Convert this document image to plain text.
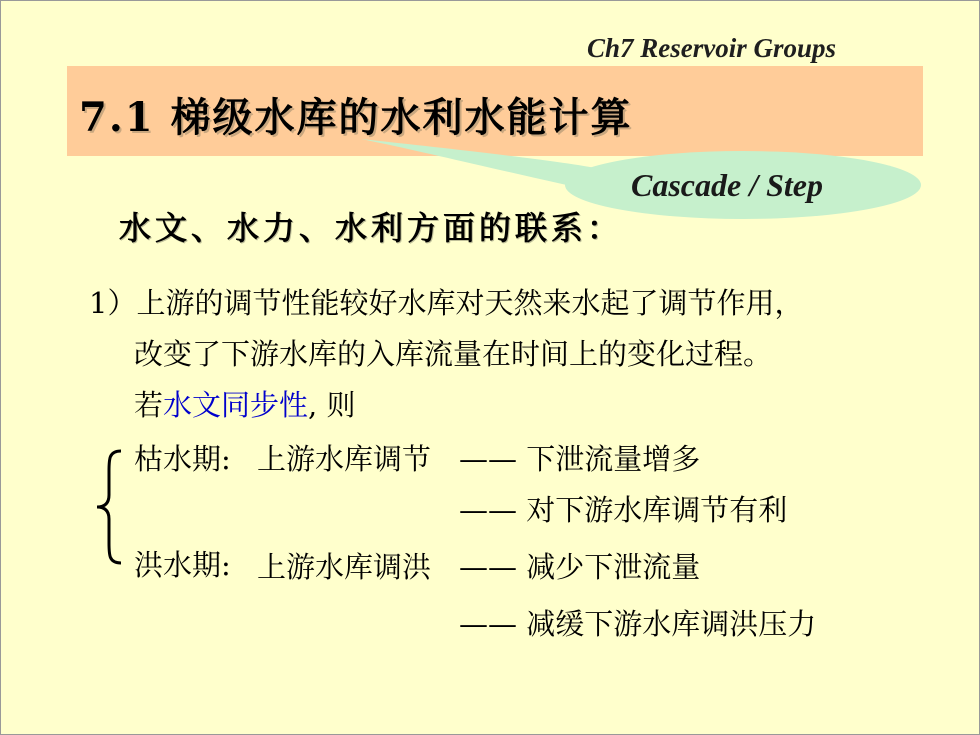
Ch7 Reservoir Groups
7.1 梯级水库的水利水能计算
Cascade / Step
水文、水力、水利方面的联系：
1）上游的调节性能较好水库对天然来水起了调节作用，
改变了下游水库的入库流量在时间上的变化过程。
若水文同步性, 则
枯水期: 上游水库调节 —— 下泄流量增多
—— 对下游水库调节有利
洪水期: 上游水库调洪 —— 减少下泄流量
—— 减缓下游水库调洪压力
